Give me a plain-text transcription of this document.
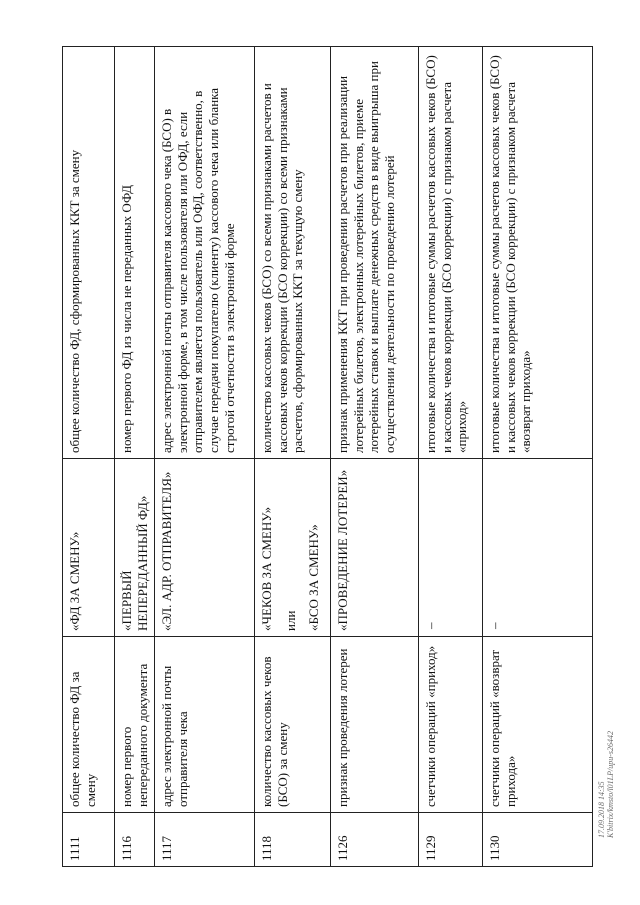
1111	общее количество ФД за смену	«ФД ЗА СМЕНУ»	общее количество ФД, сформированных ККТ за смену
1116	номер первого непереданного документа	«ПЕРВЫЙ НЕПЕРЕДАННЫЙ ФД»	номер первого ФД из числа не переданных ОФД
1117	адрес электронной почты отправителя чека	«ЭЛ. АДР. ОТПРАВИТЕЛЯ»	адрес электронной почты отправителя кассового чека (БСО) в электронной форме, в том числе пользователя или ОФД, если отправителем является пользователь или ОФД, соответственно, в случае передачи покупателю (клиенту) кассового чека или бланка строгой отчетности в электронной форме
1118	количество кассовых чеков (БСО) за смену	«ЧЕКОВ ЗА СМЕНУ» или «БСО ЗА СМЕНУ»	количество кассовых чеков (БСО) со всеми признаками расчетов и кассовых чеков коррекции (БСО коррекции) со всеми признаками расчетов, сформированных ККТ за текущую смену
1126	признак проведения лотереи	«ПРОВЕДЕНИЕ ЛОТЕРЕИ»	признак применения ККТ при проведении расчетов при реализации лотерейных билетов, электронных лотерейных билетов, приеме лотерейных ставок и выплате денежных средств в виде выигрыша при осуществлении деятельности по проведению лотерей
1129	счетчики операций «приход»	–	итоговые количества и итоговые суммы расчетов кассовых чеков (БСО) и кассовых чеков коррекции (БСО коррекции) с признаком расчета «приход»
1130	счетчики операций «возврат прихода»	–	итоговые количества и итоговые суммы расчетов кассовых чеков (БСО) и кассовых чеков коррекции (БСО коррекции) с признаком расчета «возврат прихода»
17.09.2018 14:35 К'bitrix/kmsto/l01LP/upu-s26442
